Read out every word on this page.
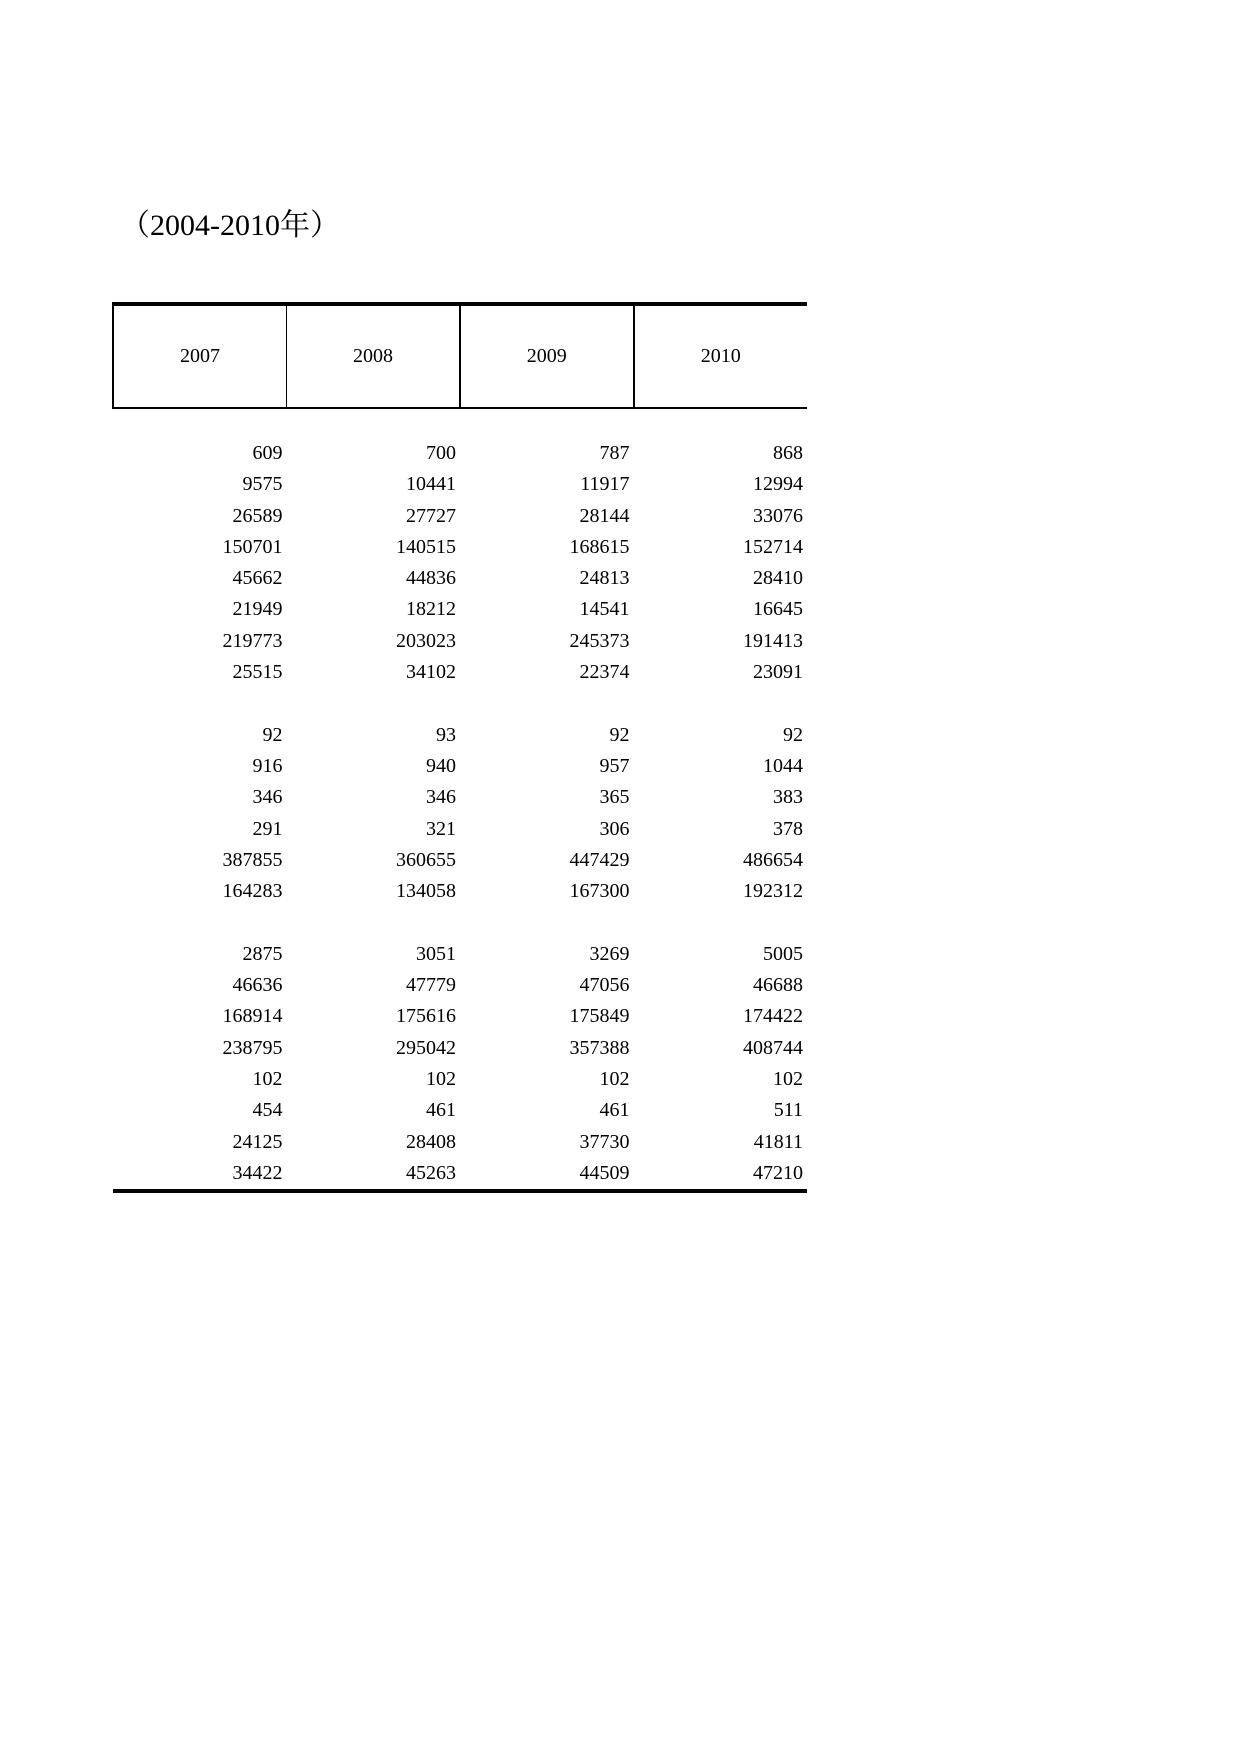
（2004-2010年）
2007	2008	2009	2010

609	700	787	868
9575	10441	11917	12994
26589	27727	28144	33076
150701	140515	168615	152714
45662	44836	24813	28410
21949	18212	14541	16645
219773	203023	245373	191413
25515	34102	22374	23091

92	93	92	92
916	940	957	1044
346	346	365	383
291	321	306	378
387855	360655	447429	486654
164283	134058	167300	192312

2875	3051	3269	5005
46636	47779	47056	46688
168914	175616	175849	174422
238795	295042	357388	408744
102	102	102	102
454	461	461	511
24125	28408	37730	41811
34422	45263	44509	47210
